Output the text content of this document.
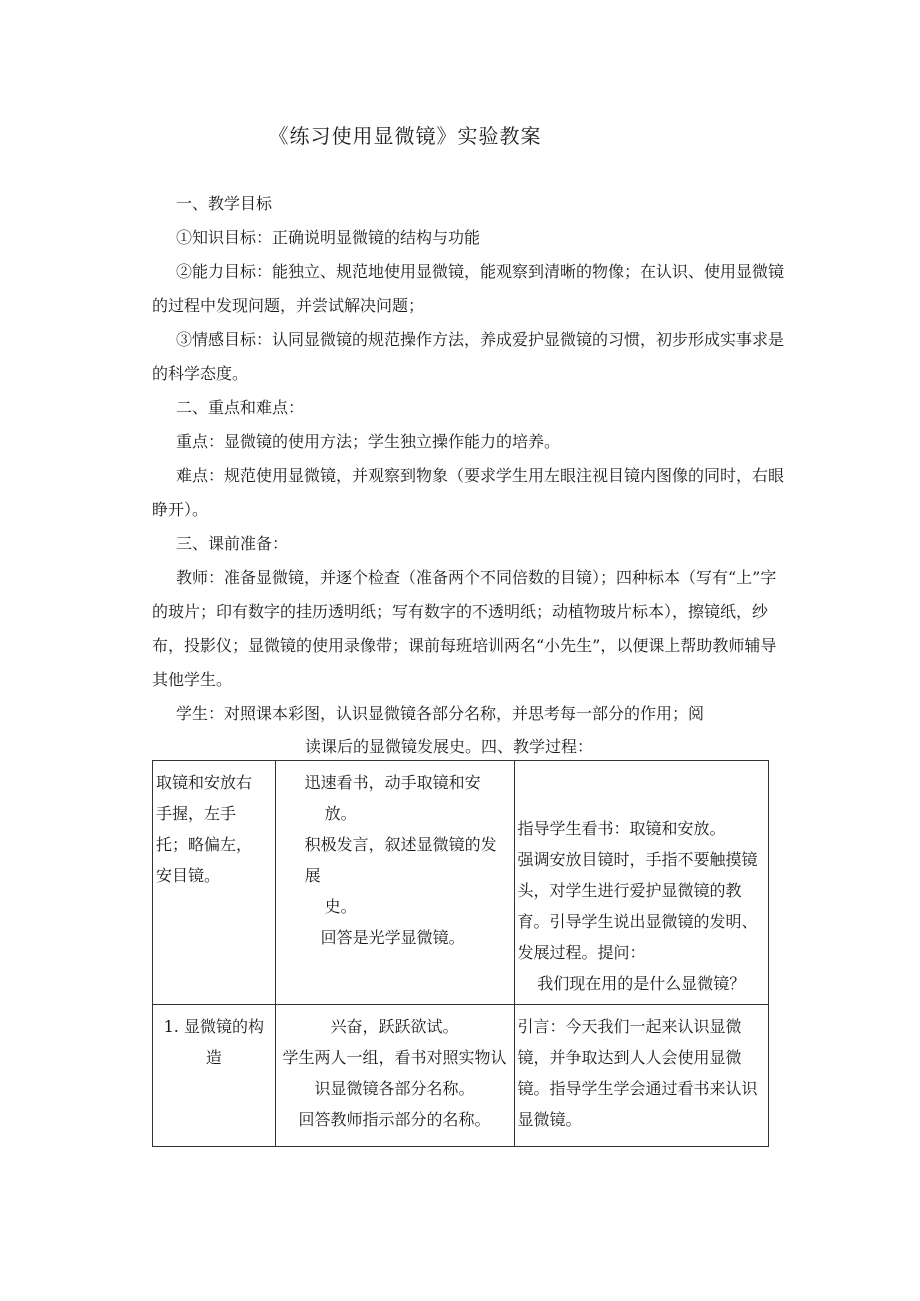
《练习使用显微镜》实验教案

一、教学目标

①知识目标：正确说明显微镜的结构与功能

②能力目标：能独立、规范地使用显微镜，能观察到清晰的物像；在认识、使用显微镜的过程中发现问题，并尝试解决问题；

③情感目标：认同显微镜的规范操作方法，养成爱护显微镜的习惯，初步形成实事求是的科学态度。

二、重点和难点：

重点：显微镜的使用方法；学生独立操作能力的培养。

难点：规范使用显微镜，并观察到物象（要求学生用左眼注视目镜内图像的同时，右眼睁开）。

三、课前准备：

教师：准备显微镜，并逐个检查（准备两个不同倍数的目镜）；四种标本（写有“上”字的玻片；印有数字的挂历透明纸；写有数字的不透明纸；动植物玻片标本），擦镜纸，纱布，投影仪；显微镜的使用录像带；课前每班培训两名“小先生”，以便课上帮助教师辅导其他学生。

学生：对照课本彩图，认识显微镜各部分名称，并思考每一部分的作用；阅

读课后的显微镜发展史。四、教学过程：
取镜和安放右
手握，左手
托；略偏左，
安目镜。	迅速看书，动手取镜和安
放。
积极发言，叙述显微镜的发展
史。
回答是光学显微镜。	指导学生看书：取镜和安放。
强调安放目镜时，手指不要触摸镜头，对学生进行爱护显微镜的教育。引导学生说出显微镜的发明、发展过程。提问：
我们现在用的是什么显微镜？

1. 显微镜的构
造	兴奋，跃跃欲试。
学生两人一组，看书对照实物认识显微镜各部分名称。
回答教师指示部分的名称。	引言：今天我们一起来认识显微镜，并争取达到人人会使用显微镜。指导学生学会通过看书来认识显微镜。
